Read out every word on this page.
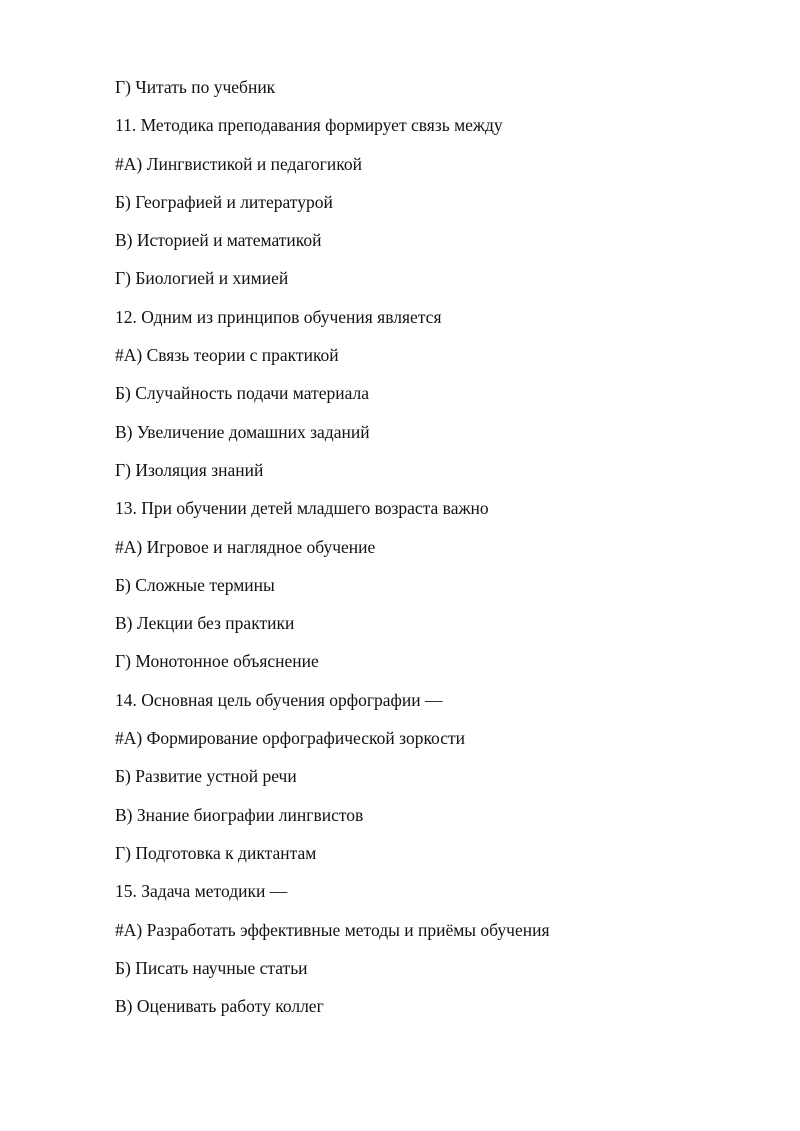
Г) Читать по учебник
11. Методика преподавания формирует связь между
#А) Лингвистикой и педагогикой
Б) Географией и литературой
В) Историей и математикой
Г) Биологией и химией
12. Одним из принципов обучения является
#А) Связь теории с практикой
Б) Случайность подачи материала
В) Увеличение домашних заданий
Г) Изоляция знаний
13. При обучении детей младшего возраста важно
#А) Игровое и наглядное обучение
Б) Сложные термины
В) Лекции без практики
Г) Монотонное объяснение
14. Основная цель обучения орфографии —
#А) Формирование орфографической зоркости
Б) Развитие устной речи
В) Знание биографии лингвистов
Г) Подготовка к диктантам
15. Задача методики —
#А) Разработать эффективные методы и приёмы обучения
Б) Писать научные статьи
В) Оценивать работу коллег
